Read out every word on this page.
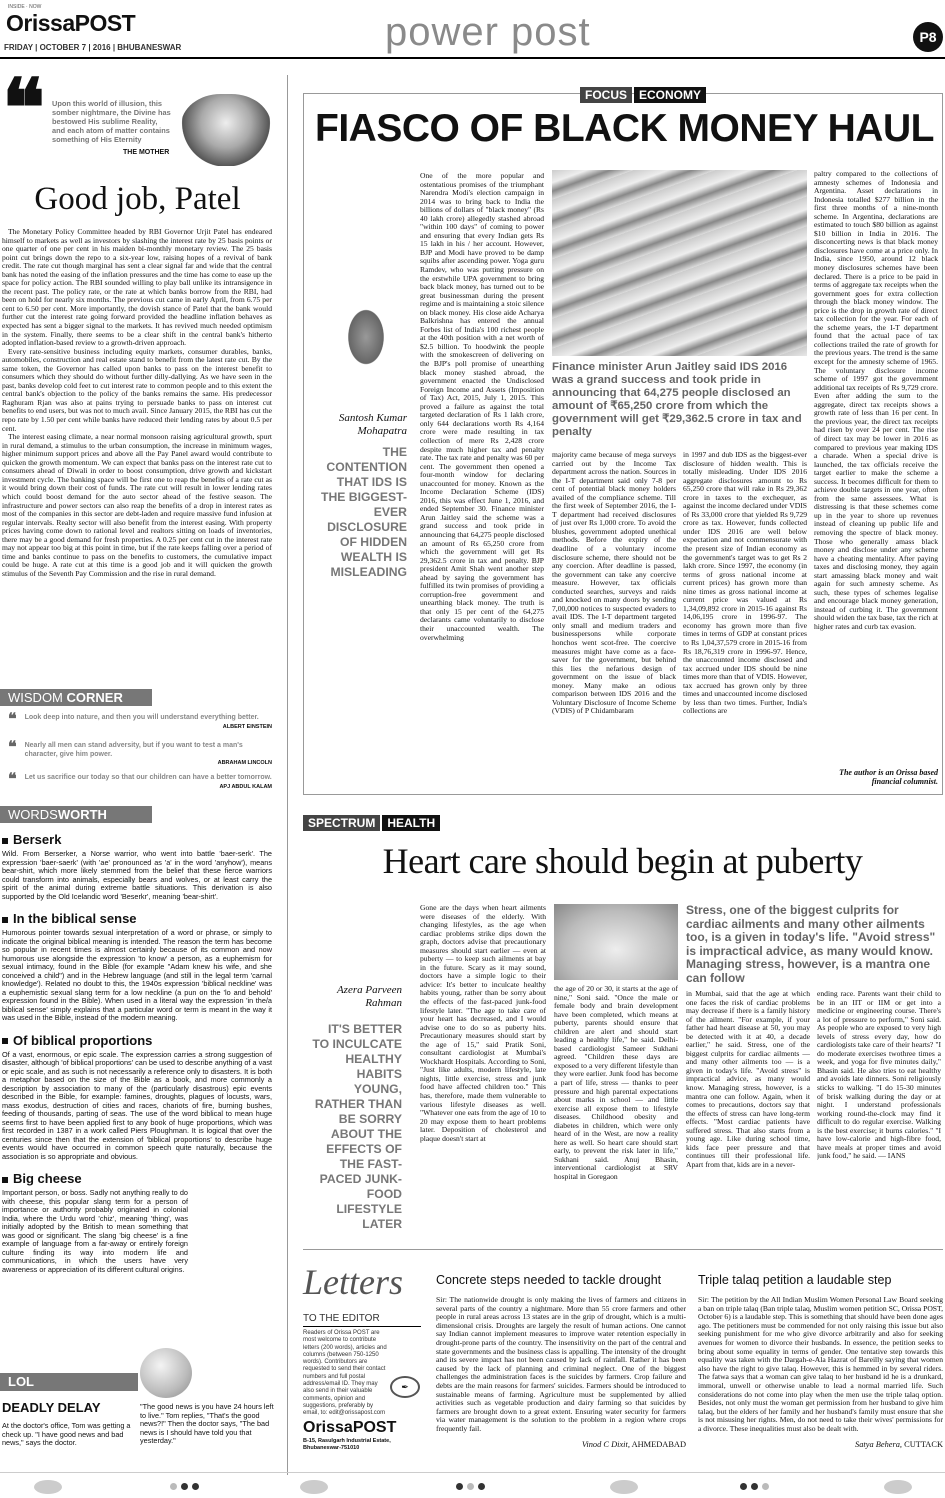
INSIDE · NOW
OrissaPOST
FRIDAY | OCTOBER 7 | 2016 | BHUBANESWAR	power post	P8
❝ Upon this world of illusion, this somber nightmare, the Divine has bestowed His sublime Reality, and each atom of matter contains something of His Eternity
THE MOTHER
Good job, Patel

The Monetary Policy Committee headed by RBI Governor Urjit Patel has endeared himself to markets as well as investors by slashing the interest rate by 25 basis points or one quarter of one per cent in his maiden bi-monthly monetary review. The 25 basis point cut brings down the repo to a six-year low, raising hopes of a revival of bank credit. The rate cut though marginal has sent a clear signal far and wide that the central bank has noted the easing of the inflation pressures and the time has come to ease up the space for policy action. The RBI sounded willing to play ball unlike its intransigence in the recent past. The policy rate, or the rate at which banks borrow from the RBI, had been on hold for nearly six months. The previous cut came in early April, from 6.75 per cent to 6.50 per cent. More importantly, the dovish stance of Patel that the bank would further cut the interest rate going forward provided the headline inflation behaves as expected has sent a bigger signal to the markets. It has revived much needed optimism in the system. Finally, there seems to be a clear shift in the central bank's hitherto adopted inflation-based review to a growth-driven approach.

Every rate-sensitive business including equity markets, consumer durables, banks, automobiles, construction and real estate stand to benefit from the latest rate cut. By the same token, the Governor has called upon banks to pass on the interest benefit to consumers which they should do without further dilly-dallying. As we have seen in the past, banks develop cold feet to cut interest rate to common people and to this extent the central bank's objection to the policy of the banks remains the same. His predecessor Raghuram Rjan was also at pains trying to persuade banks to pass on interest cut benefits to end users, but was not to much avail. Since January 2015, the RBI has cut the repo rate by 1.50 per cent while banks have reduced their lending rates by about 0.5 per cent.

The interest easing climate, a near normal monsoon raising agricultural growth, spurt in rural demand, a stimulus to the urban consumption, the increase in minimum wages, higher minimum support prices and above all the Pay Panel award would contribute to quicken the growth momentum. We can expect that banks pass on the interest rate cut to consumers ahead of Diwali in order to boost consumption, drive growth and kickstart investment cycle. The banking space will be first one to reap the benefits of a rate cut as it would bring down their cost of funds. The rate cut will result in lower lending rates which could boost demand for the auto sector ahead of the festive season. The infrastructure and power sectors can also reap the benefits of a drop in interest rates as most of the companies in this sector are debt-laden and require massive fund infusion at regular intervals. Realty sector will also benefit from the interest easing. With property prices having come down to rational level and realtors sitting on loads of inventories, there may be a good demand for fresh properties. A 0.25 per cent cut in the interest rate may not appear too big at this point in time, but if the rate keeps falling over a period of time and banks continue to pass on the benefits to customers, the cumulative impact could be huge. A rate cut at this time is a good job and it will quicken the growth stimulus of the Seventh Pay Commission and the rise in rural demand.

WISDOM CORNER
❝ Look deep into nature, and then you will understand everything better.
ALBERT EINSTEIN
❝ Nearly all men can stand adversity, but if you want to test a man's character, give him power.
ABRAHAM LINCOLN
❝ Let us sacrifice our today so that our children can have a better tomorrow.
APJ ABDUL KALAM
WORDSWORTH
Berserk
Wild. From Berserker, a Norse warrior, who went into battle 'baer-serk'. The expression 'baer-saerk' (with 'ae' pronounced as 'a' in the word 'anyhow'), means bear-shirt, which more likely stemmed from the belief that these fierce warriors could transform into animals, especially bears and wolves, or at least carry the spirit of the animal during extreme battle situations. This derivation is also supported by the Old Icelandic word 'Beserkr', meaning 'bear-shirt'.
In the biblical sense
Humorous pointer towards sexual interpretation of a word or phrase, or simply to indicate the original biblical meaning is intended. The reason the term has become so popular in recent times is almost certainly because of its common and now humorous use alongside the expression 'to know' a person, as a euphemism for sexual intimacy, found in the Bible (for example "Adam knew his wife, and she conceived a child") and in the Hebrew language (and still in the legal term 'carnal knowledge'). Related no doubt to this, the 1940s expression 'biblical neckline' was a euphemistic sexual slang term for a low neckline (a pun on the 'lo and behold' expression found in the Bible). When used in a literal way the expression 'in the/a biblical sense' simply explains that a particular word or term is meant in the way it was used in the Bible, instead of the modern meaning.
Of biblical proportions
Of a vast, enormous, or epic scale. The expression carries a strong suggestion of disaster, although 'of biblical proportions' can be used to describe anything of a vast or epic scale, and as such is not necessarily a reference only to disasters. It is both a metaphor based on the size of the Bible as a book, and more commonly a description by association to many of the (particularly disastrous) epic events described in the Bible, for example: famines, droughts, plagues of locusts, wars, mass exodus, destruction of cities and races, chariots of fire, burning bushes, feeding of thousands, parting of seas. The use of the word biblical to mean huge seems first to have been applied first to any book of huge proportions, which was first recorded in 1387 in a work called Piers Ploughman. It is logical that over the centuries since then that the extension of 'biblical proportions' to describe huge events would have occurred in common speech quite naturally, because the association is so appropriate and obvious.
Big cheese
Important person, or boss. Sadly not anything really to do with cheese, this popular slang term for a person of importance or authority probably originated in colonial India, where the Urdu word 'chiz', meaning 'thing', was initially adopted by the British to mean something that was good or significant. The slang 'big cheese' is a fine example of language from a far-away or entirely foreign culture finding its way into modern life and communications, in which the users have very awareness or appreciation of its different cultural origins.
LOL
DEADLY DELAY
At the doctor's office, Tom was getting a check up. "I have good news and bad news," says the doctor.
"The good news is you have 24 hours left to live." Tom replies, "That's the good news?!" Then the doctor says, "The bad news is I should have told you that yesterday."
FOCUS ECONOMY
FIASCO OF BLACK MONEY HAUL
Santosh Kumar
Mohapatra
THE CONTENTION THAT IDS IS THE BIGGEST-EVER DISCLOSURE OF HIDDEN WEALTH IS MISLEADING
One of the more popular and ostentatious promises of the triumphant Narendra Modi's election campaign in 2014 was to bring back to India the billions of dollars of "black money" (Rs 40 lakh crore) allegedly stashed abroad "within 100 days" of coming to power and ensuring that every Indian gets Rs 15 lakh in his / her account. However, BJP and Modi have proved to be damp squibs after ascending power. Yoga guru Ramdev, who was putting pressure on the erstwhile UPA government to bring back black money, has turned out to be great businessman during the present regime and is maintaining a stoic silence on black money. His close aide Acharya Balkrishna has entered the annual Forbes list of India's 100 richest people at the 40th position with a net worth of $2.5 billion. To hoodwink the people with the smokescreen of delivering on the BJP's poll promise of unearthing black money stashed abroad, the government enacted the Undisclosed Foreign Income and Assets (Imposition of Tax) Act, 2015, July 1, 2015. This proved a failure as against the total targeted declaration of Rs 1 lakh crore, only 644 declarations worth Rs 4,164 crore were made resulting in tax collection of mere Rs 2,428 crore despite much higher tax and penalty rate. The tax rate and penalty was 60 per cent. The government then opened a four-month window for declaring unaccounted for money. Known as the Income Declaration Scheme (IDS) 2016, this was effect June 1, 2016, and ended September 30. Finance minister Arun Jaitley said the scheme was a grand success and took pride in announcing that 64,275 people disclosed an amount of Rs 65,250 crore from which the government will get Rs 29,362.5 crore in tax and penalty. BJP president Amit Shah went another step ahead by saying the government has fulfilled its twin promises of providing a corruption-free government and unearthing black money. The truth is that only 15 per cent of the 64,275 declarants came voluntarily to disclose their unaccounted wealth. The overwhelming
Finance minister Arun Jaitley said IDS 2016 was a grand success and took pride in announcing that 64,275 people disclosed an amount of ₹65,250 crore from which the government will get ₹29,362.5 crore in tax and penalty
majority came because of mega surveys carried out by the Income Tax department across the nation. Sources in the I-T department said only 7-8 per cent of potential black money holders availed of the compliance scheme. Till the first week of September 2016, the I-T department had received disclosures of just over Rs 1,000 crore. To avoid the blushes, government adopted unethical methods. Before the expiry of the deadline of a voluntary income disclosure scheme, there should not be any coercion. After deadline is passed, the government can take any coercive measure. However, tax officials conducted searches, surveys and raids and knocked on many doors by sending 7,00,000 notices to suspected evaders to avail IDS. The I-T department targeted only small and medium traders and businesspersons while corporate honchos went scot-free. The coercive measures might have come as a face-saver for the government, but behind this lies the nefarious design of government on the issue of black money. Many make an odious comparison between IDS 2016 and the Voluntary Disclosure of Income Scheme (VDIS) of P Chidambaram
in 1997 and dub IDS as the biggest-ever disclosure of hidden wealth. This is totally misleading. Under IDS 2016 aggregate disclosures amount to Rs 65,250 crore that will rake in Rs 29,362 crore in taxes to the exchequer, as against the income declared under VDIS of Rs 33,000 crore that yielded Rs 9,729 crore as tax. However, funds collected under IDS 2016 are well below expectation and not commensurate with the present size of Indian economy as the government's target was to get Rs 2 lakh crore. Since 1997, the economy (in terms of gross national income at current prices) has grown more than nine times as gross national income at current price was valued at Rs 1,34,09,892 crore in 2015-16 against Rs 14,06,195 crore in 1996-97. The economy has grown more than five times in terms of GDP at constant prices to Rs 1,04,37,579 crore in 2015-16 from Rs 18,76,319 crore in 1996-97. Hence, the unaccounted income disclosed and tax accrued under IDS should be nine times more than that of VDIS. However, tax accrued has grown only by three times and unaccounted income disclosed by less than two times. Further, India's collections are
paltry compared to the collections of amnesty schemes of Indonesia and Argentina. Asset declarations in Indonesia totalled $277 billion in the first three months of a nine-month scheme. In Argentina, declarations are estimated to touch $80 billion as against $10 billion in India in 2016. The disconcerting news is that black money disclosures have come at a price only. In India, since 1950, around 12 black money disclosures schemes have been declared. There is a price to be paid in terms of aggregate tax receipts when the government goes for extra collection through the black money window. The price is the drop in growth rate of direct tax collection for the year. For each of the scheme years, the I-T department found that the actual pace of tax collections trailed the rate of growth for the previous years. The trend is the same except for the amnesty scheme of 1965. The voluntary disclosure income scheme of 1997 got the government additional tax receipts of Rs 9,729 crore. Even after adding the sum to the aggregate, direct tax receipts shows a growth rate of less than 16 per cent. In the previous year, the direct tax receipts had risen by over 24 per cent. The rise of direct tax may be lower in 2016 as compared to previous year making IDS a charade. When a special drive is launched, the tax officials receive the target earlier to make the scheme a success. It becomes difficult for them to achieve double targets in one year, often from the same assessees. What is distressing is that these schemes come up in the year to shore up revenues instead of cleaning up public life and removing the spectre of black money. Those who generally amass black money and disclose under any scheme have a cheating mentality. After paying taxes and disclosing money, they again start amassing black money and wait again for such amnesty scheme. As such, these types of schemes legalise and encourage black money generation, instead of curbing it. The government should widen the tax base, tax the rich at higher rates and curb tax evasion.
The author is an Orissa based financial columnist.
SPECTRUM HEALTH
Heart care should begin at puberty
Azera Parveen
Rahman
IT'S BETTER TO INCULCATE HEALTHY HABITS YOUNG, RATHER THAN BE SORRY ABOUT THE EFFECTS OF THE FAST-PACED JUNK-FOOD LIFESTYLE LATER
Gone are the days when heart ailments were diseases of the elderly. With changing lifestyles, as the age when cardiac problems strike dips down the graph, doctors advise that precautionary measures should start earlier — even at puberty — to keep such ailments at bay in the future. Scary as it may sound, doctors have a simple logic to their advice: It's better to inculcate healthy habits young, rather than be sorry about the effects of the fast-paced junk-food lifestyle later. "The age to take care of your heart has decreased, and I would advise one to do so as puberty hits. Precautionary measures should start by the age of 15," said Pratik Soni, consultant cardiologist at Mumbai's Wockhardt Hospitals. According to Soni, "Just like adults, modern lifestyle, late nights, little exercise, stress and junk food have affected children too." This has, therefore, made them vulnerable to various lifestyle diseases as well. "Whatever one eats from the age of 10 to 20 may expose them to heart problems later. Deposition of cholesterol and plaque doesn't start at
the age of 20 or 30, it starts at the age of nine," Soni said. "Once the male or female body and brain development have been completed, which means at puberty, parents should ensure that children are alert and should start leading a healthy life," he said. Delhi-based cardiologist Sameer Sukhani agreed. "Children these days are exposed to a very different lifestyle than they were earlier. Junk food has become a part of life, stress — thanks to peer pressure and high parental expectations about marks in school — and little exercise all expose them to lifestyle diseases. Childhood obesity and diabetes in children, which were only heard of in the West, are now a reality here as well. So heart care should start early, to prevent the risk later in life," Sukhani said. Anuj Bhasin, interventional cardiologist at SRV hospital in Goregaon
Stress, one of the biggest culprits for cardiac ailments and many other ailments too, is a given in today's life. "Avoid stress" is impractical advice, as many would know. Managing stress, however, is a mantra one can follow
in Mumbai, said that the age at which one faces the risk of cardiac problems may decrease if there is a family history of the ailment. "For example, if your father had heart disease at 50, you may be detected with it at 40, a decade earlier," he said. Stress, one of the biggest culprits for cardiac ailments — and many other ailments too — is a given in today's life. "Avoid stress" is impractical advice, as many would know. Managing stress, however, is a mantra one can follow. Again, when it comes to precautions, doctors say that the effects of stress can have long-term effects. "Most cardiac patients have suffered stress. That also starts from a young age. Like during school time, kids face peer pressure and that continues till their professional life. Apart from that, kids are in a never-
ending race. Parents want their child to be in an IIT or IIM or get into a medicine or engineering course. There's a lot of pressure to perform," Soni said. As people who are exposed to very high levels of stress every day, how do cardiologists take care of their hearts? "I do moderate exercises twothree times a week, and yoga for five minutes daily," Bhasin said. He also tries to eat healthy and avoids late dinners. Soni religiously sticks to walking. "I do 15-30 minutes of brisk walking during the day or at night. I understand professionals working round-the-clock may find it difficult to do regular exercise. Walking is the best exercise; it burns calories." "I have low-calorie and high-fibre food, have meals at proper times and avoid junk food," he said. — IANS
Letters
TO THE EDITOR
Readers of Orissa POST are most welcome to contribute letters (200 words), articles and columns (between 750-1250 words). Contributors are requested to send their contact numbers and full postal address/email ID. They may also send in their valuable comments, opinion and suggestions, preferably by email, to: edit@orissapost.com
✒
OrissaPOST
B-15, Rasulgarh Industrial Estate, Bhubaneswar-751010
Concrete steps needed to tackle drought
Sir: The nationwide drought is only making the lives of farmers and citizens in several parts of the country a nightmare. More than 55 crore farmers and other people in rural areas across 13 states are in the grip of drought, which is a multi-dimensional crisis. Droughts are largely the result of human actions. One cannot say Indian cannot implement measures to improve water retention especially in drought-prone parts of the country. The insensitivity on the part of the central and state governments and the business class is appalling. The intensity of the drought and its severe impact has not been caused by lack of rainfall. Rather it has been caused by the lack of planning and criminal neglect. One of the biggest challenges the administration faces is the suicides by farmers. Crop failure and debts are the main reasons for farmers' suicides. Farmers should be introduced to sustainable means of farming. Agriculture must be supplemented by allied activities such as vegetable production and dairy farming so that suicides by farmers are brought down to a great extent. Ensuring water security for farmers via water management is the solution to the problem in a region where crops frequently fail.
Vinod C Dixit, AHMEDABAD
Triple talaq petition a laudable step
Sir: The petition by the All Indian Muslim Women Personal Law Board seeking a ban on triple talaq (Ban triple talaq, Muslim women petition SC, Orissa POST, October 6) is a laudable step. This is something that should have been done ages ago. The petitioners must be commended for not only raising this issue but also seeking punishment for me who give divorce arbitrarily and also for seeking avenues for women to divorce their husbands. In essence, the petition seeks to bring about some equality in terms of gender. One tentative step towards this equality was taken with the Dargah-e-Ala Hazrat of Bareilly saying that women also have the right to give talaq. However, this is hemmed in by several riders. The fatwa says that a woman can give talaq to her husband id he is a drunkard, immoral, unwell or otherwise unable to lead a normal married life. Such considerations do not come into play when the men use the triple talaq option. Besides, not only must the woman get permission from her husband to give him talaq, but the elders of her family and her husband's family must ensure that she is not misusing her rights. Men, do not need to take their wives' permissions for a divorce. These inequalities must also be dealt with.
Satya Behera, CUTTACK
